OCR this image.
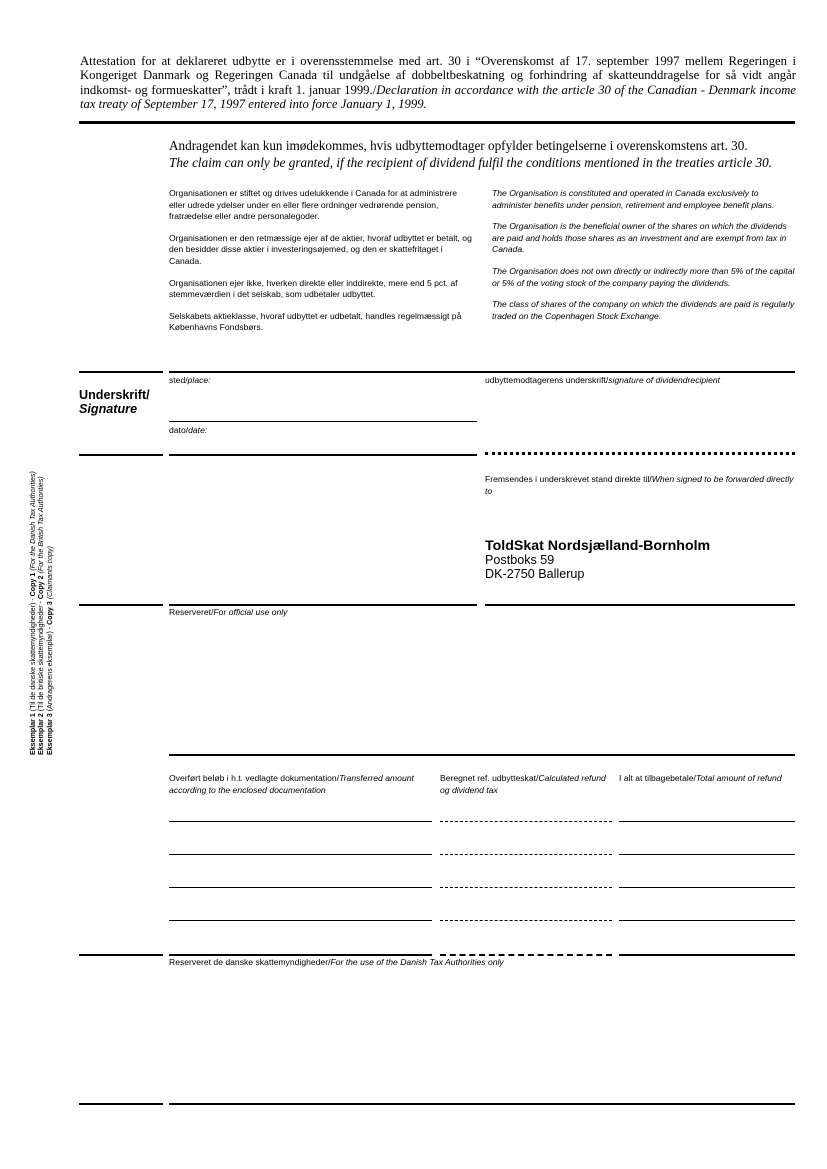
Attestation for at deklareret udbytte er i overensstemmelse med art. 30 i “Overenskomst af 17. september 1997 mellem Regeringen i Kongeriget Danmark og Regeringen Canada til undgåelse af dobbeltbeskatning og forhindring af skatteunddragelse for så vidt angår indkomst- og formueskatter”, trådt i kraft 1. januar 1999./Declaration in accordance with the article 30 of the Canadian - Denmark income tax treaty of September 17, 1997 entered into force January 1, 1999.
Andragendet kan kun imødekommes, hvis udbyttemodtager opfylder betingelserne i overenskomstens art. 30.
The claim can only be granted, if the recipient of dividend fulfil the conditions mentioned in the treaties article 30.
Organisationen er stiftet og drives udelukkende i Canada for at administrere eller udrede ydelser under en eller flere ordninger vedrørende pension, fratrædelse eller andre personalegoder.
Organisationen er den retmæssige ejer af de aktier, hvoraf udbyttet er betalt, og den besidder disse aktier i investeringsøjemed, og den er skattefritaget i Canada.
Organisationen ejer ikke, hverken direkte eller inddirekte, mere end 5 pct. af stemmeværdien i det selskab, som udbetaler udbyttet.
Selskabets aktieklasse, hvoraf udbyttet er udbetalt, handles regelmæssigt på Københavns Fondsbørs.
The Organisation is constituted and operated in Canada exclusively to administer benefits under pension, retirement and employee benefit plans.
The Organisation is the beneficial owner of the shares on which the dividends are paid and holds those shares as an investment and are exempt from tax in Canada.
The Organisation does not own directly or indirectly more than 5% of the capital or 5% of the voting stock of the company paying the dividends.
The class of shares of the company on which the dividends are paid is regularly traded on the Copenhagen Stock Exchange.
Underskrift/
Signature
sted/place:	udbyttemodtagerens underskrift/signature of dividendrecipient
dato/date:
Fremsendes i underskrevet stand direkte til/When signed to be forwarded directly to
ToldSkat Nordsjælland-Bornholm
Postboks 59
DK-2750 Ballerup
Reserveret/For official use only
Overført beløb i h.t. vedlagte dokumentation/Transferred amount according to the enclosed documentation
Beregnet ref. udbytteskat/Calculated refund og dividend tax
I alt at tilbagebetale/Total amount of refund
Reserveret de danske skattemyndigheder/For the use of the Danish Tax Authorities only
Eksemplar 1 (Til de danske skattemyndigheder) - Copy 1 (For the Danish Tax Authorities)
Eksemplar 2 (Til de britiske skattemyndigheder - Copy 2 (For the British Tax Authorities)
Eksemplar 3 (Andragerens eksemplar) - Copy 3 (Claimants copy)
